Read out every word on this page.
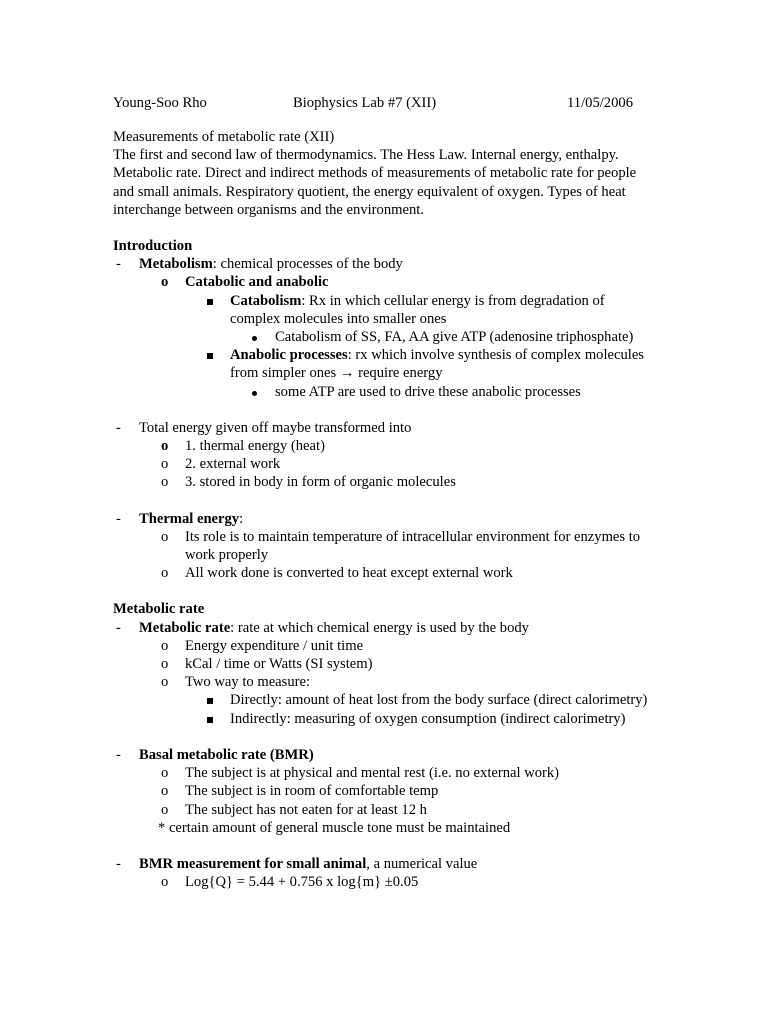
Young-Soo Rho	Biophysics Lab #7 (XII)	11/05/2006

Measurements of metabolic rate (XII)

The first and second law of thermodynamics. The Hess Law. Internal energy, enthalpy. Metabolic rate. Direct and indirect methods of measurements of metabolic rate for people and small animals. Respiratory quotient, the energy equivalent of oxygen. Types of heat interchange between organisms and the environment.

Introduction

- Metabolism: chemical processes of the body
o Catabolic and anabolic
Catabolism: Rx in which cellular energy is from degradation of complex molecules into smaller ones
Catabolism of SS, FA, AA give ATP (adenosine triphosphate)
Anabolic processes: rx which involve synthesis of complex molecules from simpler ones → require energy
some ATP are used to drive these anabolic processes
- Total energy given off maybe transformed into
o 1. thermal energy (heat)
o 2. external work
o 3. stored in body in form of organic molecules
- Thermal energy:
o Its role is to maintain temperature of intracellular environment for enzymes to work properly
o All work done is converted to heat except external work

Metabolic rate

- Metabolic rate: rate at which chemical energy is used by the body
o Energy expenditure / unit time
o kCal / time or Watts (SI system)
o Two way to measure:
Directly: amount of heat lost from the body surface (direct calorimetry)
Indirectly: measuring of oxygen consumption (indirect calorimetry)
- Basal metabolic rate (BMR)
o The subject is at physical and mental rest (i.e. no external work)
o The subject is in room of comfortable temp
o The subject has not eaten for at least 12 h

* certain amount of general muscle tone must be maintained

- BMR measurement for small animal, a numerical value
o Log{Q} = 5.44 + 0.756 x log{m} ±0.05
